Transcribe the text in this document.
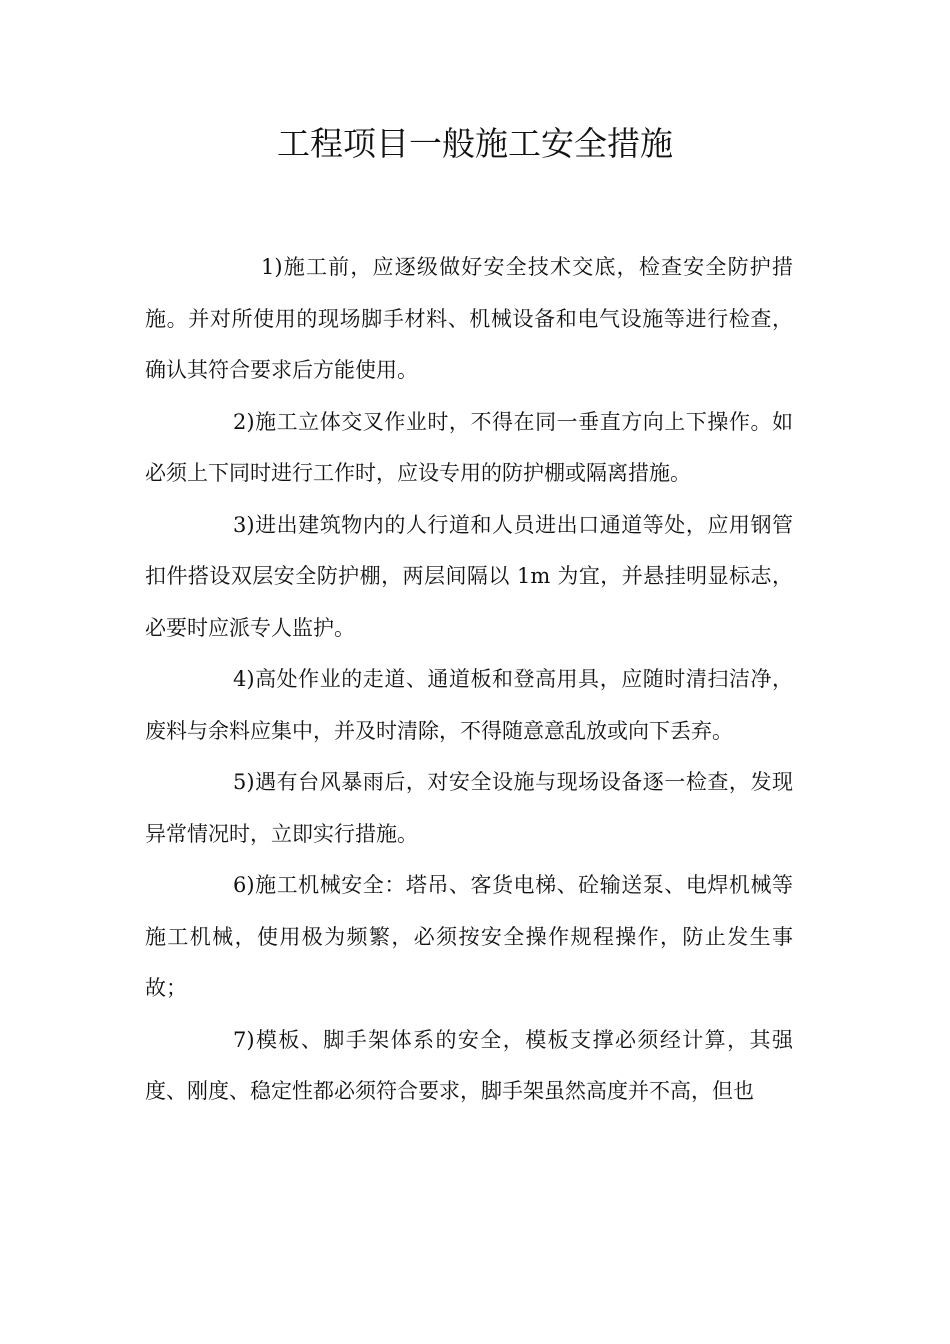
工程项目一般施工安全措施

1)施工前，应逐级做好安全技术交底，检查安全防护措施。并对所使用的现场脚手材料、机械设备和电气设施等进行检查，确认其符合要求后方能使用。

2)施工立体交叉作业时，不得在同一垂直方向上下操作。如必须上下同时进行工作时，应设专用的防护棚或隔离措施。

3)进出建筑物内的人行道和人员进出口通道等处，应用钢管扣件搭设双层安全防护棚，两层间隔以 1m 为宜，并悬挂明显标志，必要时应派专人监护。

4)高处作业的走道、通道板和登高用具，应随时清扫洁净，废料与余料应集中，并及时清除，不得随意意乱放或向下丢弃。

5)遇有台风暴雨后，对安全设施与现场设备逐一检查，发现异常情况时，立即实行措施。

6)施工机械安全：塔吊、客货电梯、砼输送泵、电焊机械等施工机械，使用极为频繁，必须按安全操作规程操作，防止发生事故；

7)模板、脚手架体系的安全，模板支撑必须经计算，其强度、刚度、稳定性都必须符合要求，脚手架虽然高度并不高，但也
